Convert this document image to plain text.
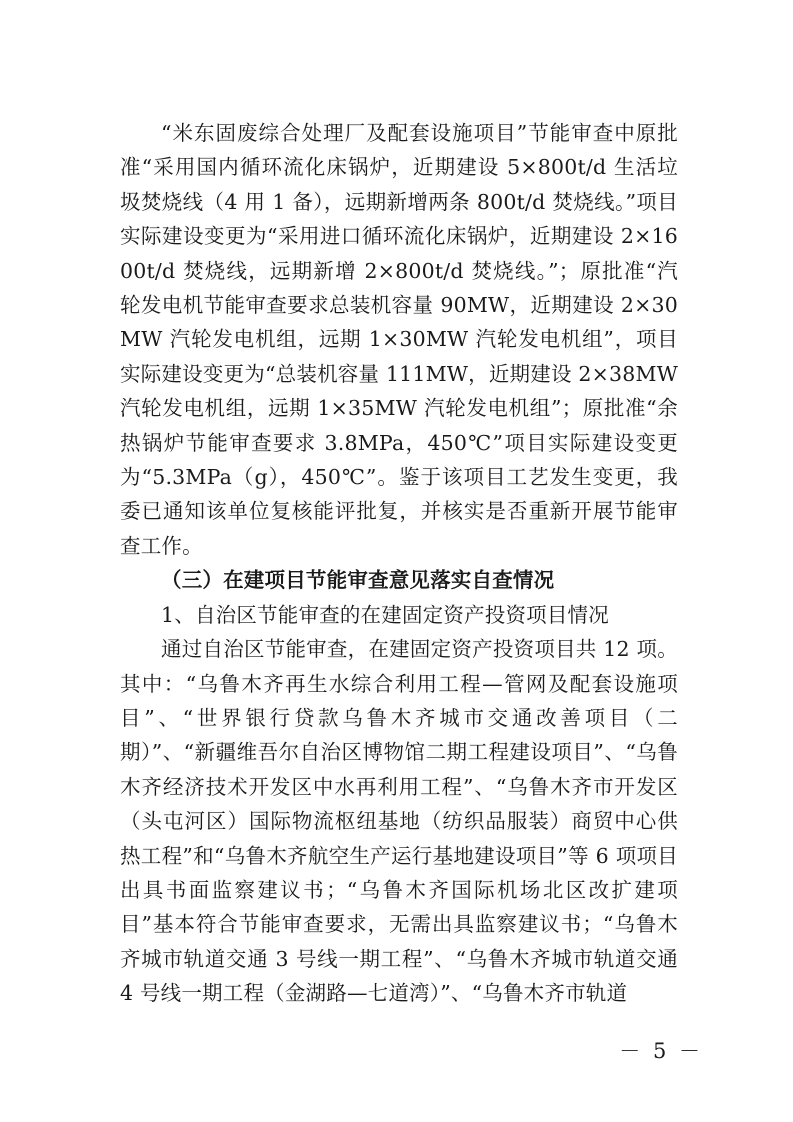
“米东固废综合处理厂及配套设施项目”节能审查中原批准“采用国内循环流化床锅炉，近期建设 5×800t/d 生活垃圾焚烧线（4 用 1 备），远期新增两条 800t/d 焚烧线。”项目实际建设变更为“采用进口循环流化床锅炉，近期建设 2×1600t/d 焚烧线，远期新增 2×800t/d 焚烧线。”；原批准“汽轮发电机节能审查要求总装机容量 90MW，近期建设 2×30MW 汽轮发电机组，远期 1×30MW 汽轮发电机组”，项目实际建设变更为“总装机容量 111MW，近期建设 2×38MW 汽轮发电机组，远期 1×35MW 汽轮发电机组”；原批准“余热锅炉节能审查要求 3.8MPa，450℃”项目实际建设变更为“5.3MPa（g），450℃”。鉴于该项目工艺发生变更，我委已通知该单位复核能评批复，并核实是否重新开展节能审查工作。

（三）在建项目节能审查意见落实自查情况

1、自治区节能审查的在建固定资产投资项目情况

通过自治区节能审查，在建固定资产投资项目共 12 项。其中：“乌鲁木齐再生水综合利用工程—管网及配套设施项目”、“世界银行贷款乌鲁木齐城市交通改善项目（二期）”、“新疆维吾尔自治区博物馆二期工程建设项目”、“乌鲁木齐经济技术开发区中水再利用工程”、“乌鲁木齐市开发区（头屯河区）国际物流枢纽基地（纺织品服装）商贸中心供热工程”和“乌鲁木齐航空生产运行基地建设项目”等 6 项项目出具书面监察建议书；“乌鲁木齐国际机场北区改扩建项目”基本符合节能审查要求，无需出具监察建议书；“乌鲁木齐城市轨道交通 3 号线一期工程”、“乌鲁木齐城市轨道交通 4 号线一期工程（金湖路—七道湾）”、“乌鲁木齐市轨道

－ 5 －
